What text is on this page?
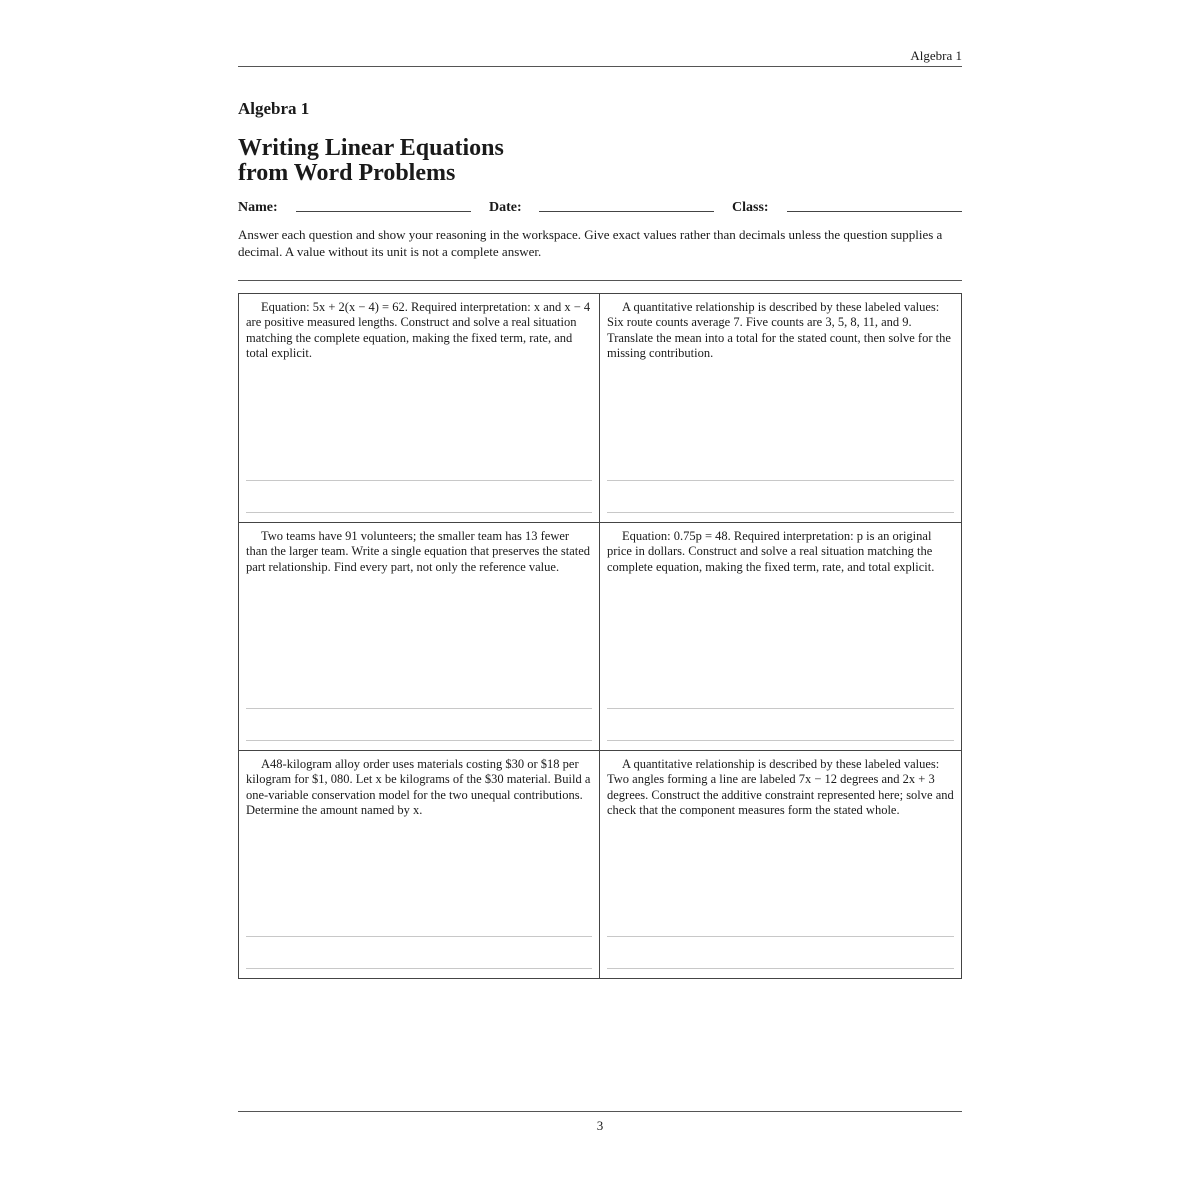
Algebra 1
Algebra 1
Writing Linear Equations
from Word Problems
Name:	Date:	Class:

Answer each question and show your reasoning in the workspace. Give exact values rather than decimals unless the question supplies a decimal. A value without its unit is not a complete answer.

Equation: 5x + 2(x − 4) = 62. Required interpretation: x and x − 4 are positive measured lengths. Construct and solve a real situation matching the complete equation, making the fixed term, rate, and total explicit.

A quantitative relationship is described by these labeled values: Six route counts average 7. Five counts are 3, 5, 8, 11, and 9. Translate the mean into a total for the stated count, then solve for the missing contribution.

Two teams have 91 volunteers; the smaller team has 13 fewer than the larger team. Write a single equation that preserves the stated part relationship. Find every part, not only the reference value.

Equation: 0.75p = 48. Required interpretation: p is an original price in dollars. Construct and solve a real situation matching the complete equation, making the fixed term, rate, and total explicit.

A48-kilogram alloy order uses materials costing $30 or $18 per kilogram for $1, 080. Let x be kilograms of the $30 material. Build a one-variable conservation model for the two unequal contributions. Determine the amount named by x.

A quantitative relationship is described by these labeled values: Two angles forming a line are labeled 7x − 12 degrees and 2x + 3 degrees. Construct the additive constraint represented here; solve and check that the component measures form the stated whole.

3
